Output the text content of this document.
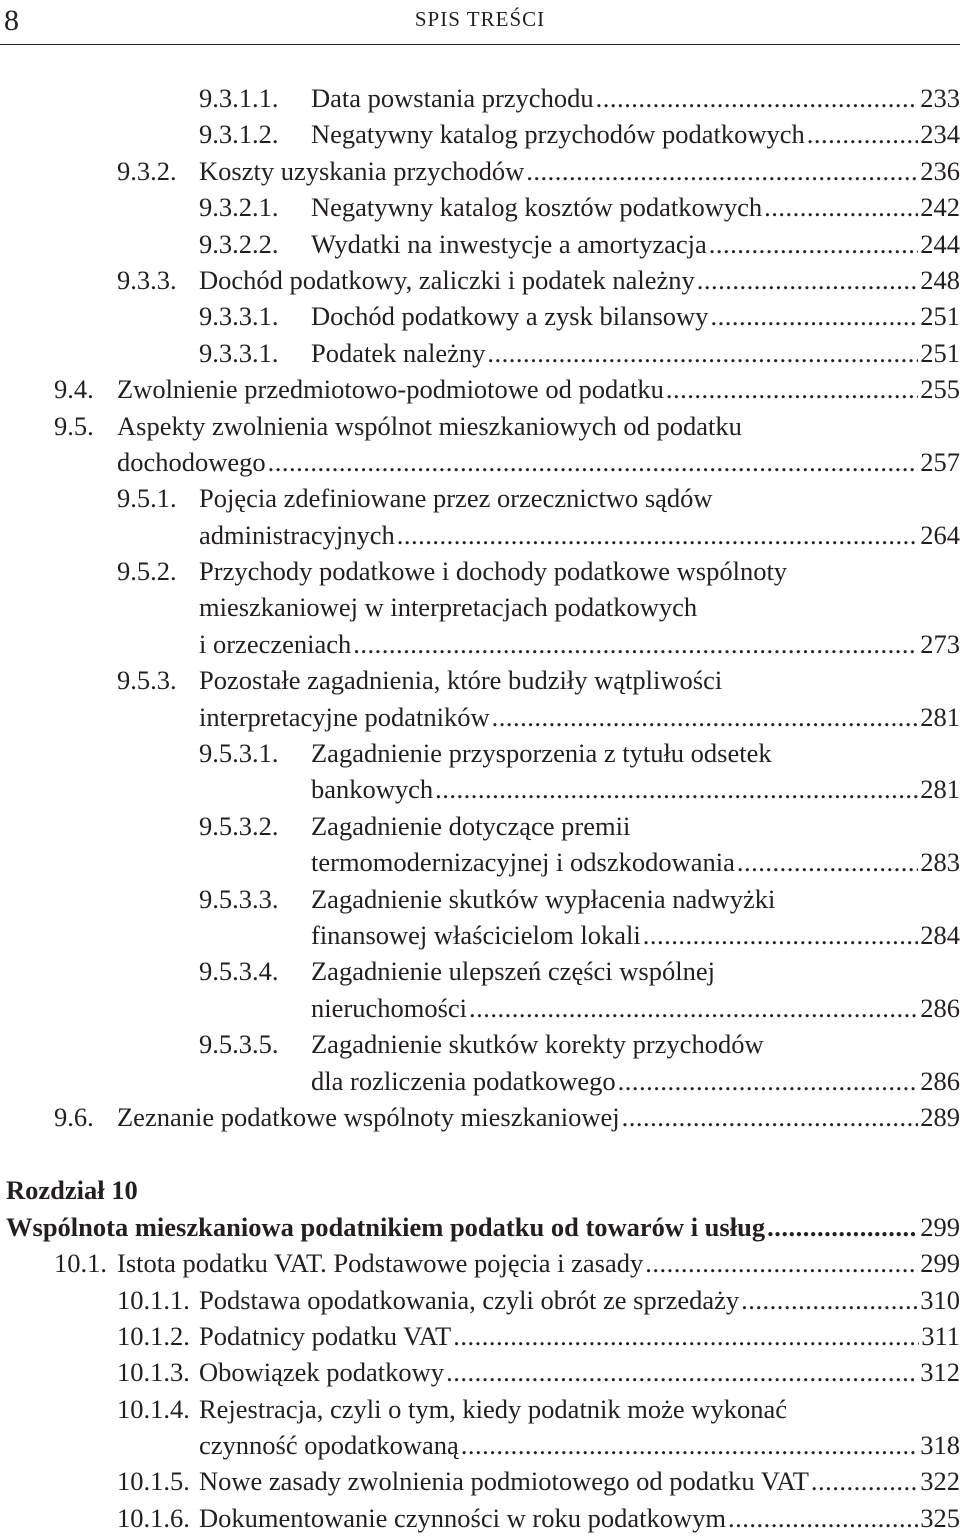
8	SPIS TREŚCI
9.3.1.1. Data powstania przychodu .....	233
9.3.1.2. Negatywny katalog przychodów podatkowych .....	234
9.3.2. Koszty uzyskania przychodów .....	236
9.3.2.1. Negatywny katalog kosztów podatkowych .....	242
9.3.2.2. Wydatki na inwestycje a amortyzacja .....	244
9.3.3. Dochód podatkowy, zaliczki i podatek należny .....	248
9.3.3.1. Dochód podatkowy a zysk bilansowy .....	251
9.3.3.1. Podatek należny .....	251
9.4. Zwolnienie przedmiotowo-podmiotowe od podatku .....	255
9.5. Aspekty zwolnienia wspólnot mieszkaniowych od podatku
dochodowego .....	257
9.5.1. Pojęcia zdefiniowane przez orzecznictwo sądów
administracyjnych .....	264
9.5.2. Przychody podatkowe i dochody podatkowe wspólnoty
mieszkaniowej w interpretacjach podatkowych
i orzeczeniach .....	273
9.5.3. Pozostałe zagadnienia, które budziły wątpliwości
interpretacyjne podatników .....	281
9.5.3.1. Zagadnienie przysporzenia z tytułu odsetek
bankowych .....	281
9.5.3.2. Zagadnienie dotyczące premii
termomodernizacyjnej i odszkodowania .....	283
9.5.3.3. Zagadnienie skutków wypłacenia nadwyżki
finansowej właścicielom lokali .....	284
9.5.3.4. Zagadnienie ulepszeń części wspólnej
nieruchomości .....	286
9.5.3.5. Zagadnienie skutków korekty przychodów
dla rozliczenia podatkowego .....	286
9.6. Zeznanie podatkowe wspólnoty mieszkaniowej .....	289
Rozdział 10
Wspólnota mieszkaniowa podatnikiem podatku od towarów i usług .....	299
10.1. Istota podatku VAT. Podstawowe pojęcia i zasady .....	299
10.1.1. Podstawa opodatkowania, czyli obrót ze sprzedaży .....	310
10.1.2. Podatnicy podatku VAT .....	311
10.1.3. Obowiązek podatkowy .....	312
10.1.4. Rejestracja, czyli o tym, kiedy podatnik może wykonać
czynność opodatkowaną .....	318
10.1.5. Nowe zasady zwolnienia podmiotowego od podatku VAT .....	322
10.1.6. Dokumentowanie czynności w roku podatkowym .....	325
